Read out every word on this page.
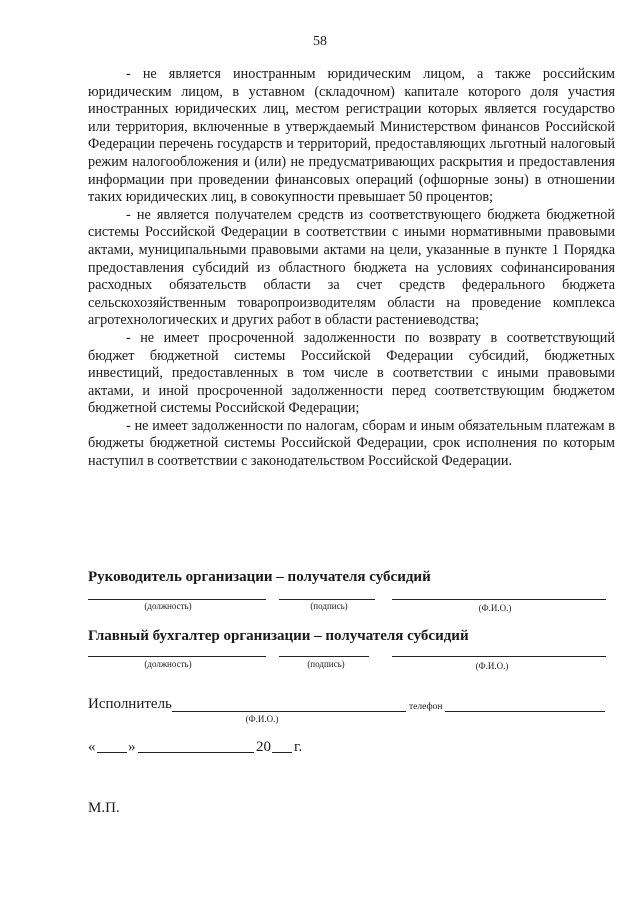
58

- не является иностранным юридическим лицом, а также российским юридическим лицом, в уставном (складочном) капитале которого доля участия иностранных юридических лиц, местом регистрации которых является государство или территория, включенные в утверждаемый Министерством финансов Российской Федерации перечень государств и территорий, предоставляющих льготный налоговый режим налогообложения и (или) не предусматривающих раскрытия и предоставления информации при проведении финансовых операций (офшорные зоны) в отношении таких юридических лиц, в совокупности превышает 50 процентов;

- не является получателем средств из соответствующего бюджета бюджетной системы Российской Федерации в соответствии с иными нормативными правовыми актами, муниципальными правовыми актами на цели, указанные в пункте 1 Порядка предоставления субсидий из областного бюджета на условиях софинансирования расходных обязательств области за счет средств федерального бюджета сельскохозяйственным товаропроизводителям области на проведение комплекса агротехнологических и других работ в области растениеводства;

- не имеет просроченной задолженности по возврату в соответствующий бюджет бюджетной системы Российской Федерации субсидий, бюджетных инвестиций, предоставленных в том числе в соответствии с иными правовыми актами, и иной просроченной задолженности перед соответствующим бюджетом бюджетной системы Российской Федерации;

- не имеет задолженности по налогам, сборам и иным обязательным платежам в бюджеты бюджетной системы Российской Федерации, срок исполнения по которым наступил в соответствии с законодательством Российской Федерации.

Руководитель организации – получателя субсидий
(должность)	(подпись)	(Ф.И.О.)
Главный бухгалтер организации – получателя субсидий
(должность)	(подпись)	(Ф.И.О.)
Исполнитель	телефон
(Ф.И.О.)
« »	20 г.
М.П.
